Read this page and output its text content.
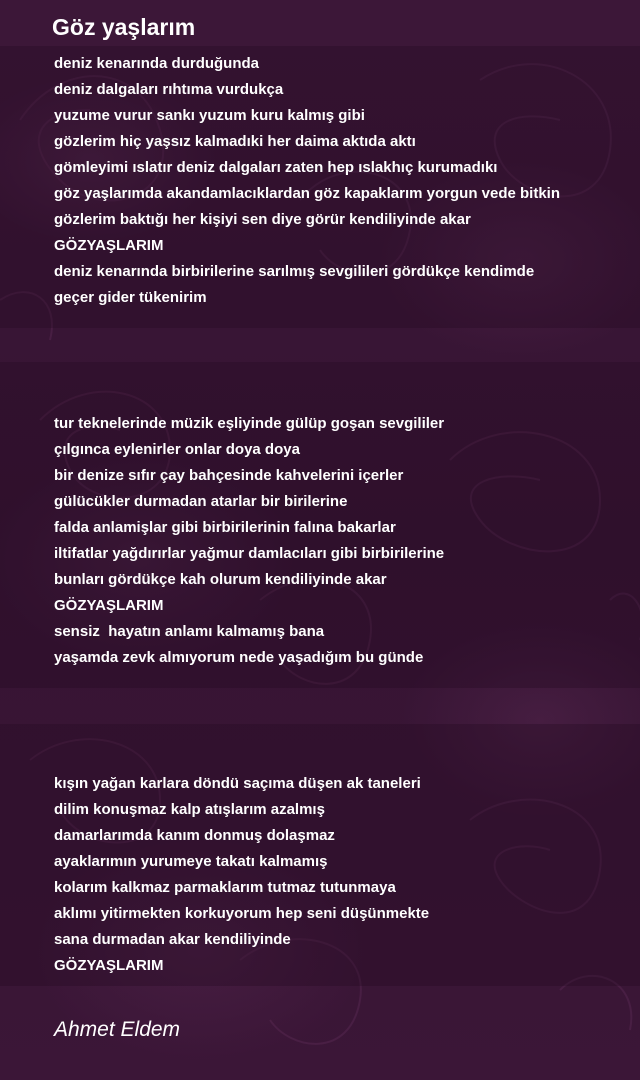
Göz yaşlarım
deniz kenarında durduğunda
deniz dalgaları rıhtıma vurdukça
yuzume vurur sankı yuzum kuru kalmış gibi
gözlerim hiç yaşsız kalmadıki her daima aktıda aktı
gömleyimi ıslatır deniz dalgaları zaten hep ıslakhıç kurumadıkı
göz yaşlarımda akandamlacıklardan göz kapaklarım yorgun vede bitkin
gözlerim baktığı her kişiyi sen diye görür kendiliyinde akar
GÖZYAŞLARIM
deniz kenarında birbirilerine sarılmış sevgilileri gördükçe kendimde
geçer gider tükenirim
tur teknelerinde müzik eşliyinde gülüp goşan sevgililer
çılgınca eylenirler onlar doya doya
bir denize sıfır çay bahçesinde kahvelerini içerler
gülücükler durmadan atarlar bir birilerine
falda anlamişlar gibi birbirilerinin falına bakarlar
iltifatlar yağdırırlar yağmur damlacıları gibi birbirilerine
bunları gördükçe kah olurum kendiliyinde akar
GÖZYAŞLARIM
sensiz  hayatın anlamı kalmamış bana
yaşamda zevk almıyorum nede yaşadığım bu günde
kışın yağan karlara döndü saçıma düşen ak taneleri
dilim konuşmaz kalp atışlarım azalmış
damarlarımda kanım donmuş dolaşmaz
ayaklarımın yurumeye takatı kalmamış
kolarım kalkmaz parmaklarım tutmaz tutunmaya
aklımı yitirmekten korkuyorum hep seni düşünmekte
sana durmadan akar kendiliyinde
GÖZYAŞLARIM
Ahmet Eldem
